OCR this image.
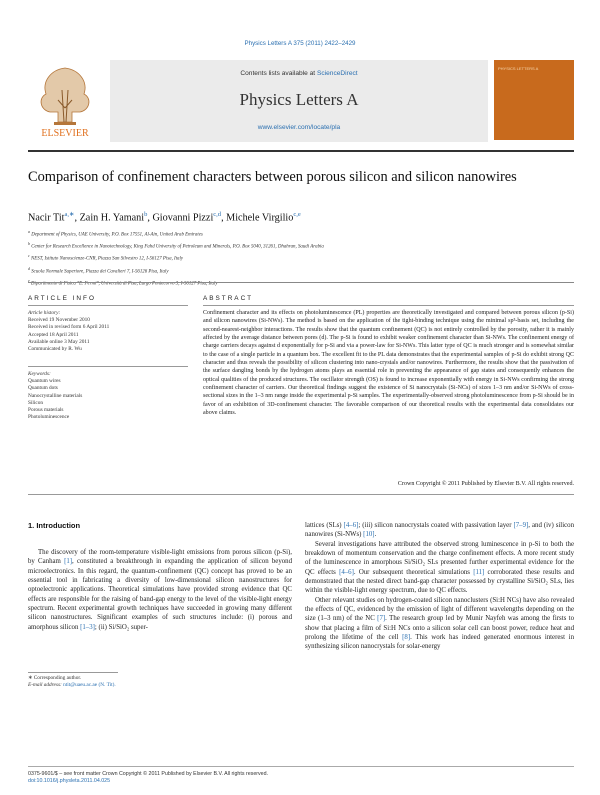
Physics Letters A 375 (2011) 2422–2429
ELSEVIER
Contents lists available at ScienceDirect
Physics Letters A
www.elsevier.com/locate/pla
PHYSICS LETTERS A
Comparison of confinement characters between porous silicon and silicon nanowires
Nacir Tit$^{a,∗}$, Zain H. Yamani$^b$, Giovanni Pizzi$^{c,d}$, Michele Virgilio$^{c,e}$
$^a$ Department of Physics, UAE University, P.O. Box 17551, Al-Ain, United Arab Emirates
$^b$ Center for Research Excellence in Nanotechnology, King Fahd University of Petroleum and Minerals, P.O. Box 5040, 31261, Dhahran, Saudi Arabia
$^c$ NEST, Istituto Nanoscienze-CNR, Piazza San Silvestro 12, I-56127 Pisa, Italy
$^d$ Scuola Normale Superiore, Piazza dei Cavalieri 7, I-56126 Pisa, Italy
$^e$ Dipartimento di Fisica "E. Fermi", Università di Pisa, Largo Pontecorvo 3, I-56127 Pisa, Italy
ARTICLE INFO
Article history:
Received 19 November 2010
Received in revised form 6 April 2011
Accepted 18 April 2011
Available online 3 May 2011
Communicated by R. Wu
Keywords:
Quantum wires
Quantum dots
Nanocrystalline materials
Silicon
Porous materials
Photoluminescence
ABSTRACT
Confinement character and its effects on photoluminescence (PL) properties are theoretically investigated and compared between porous silicon (p-Si) and silicon nanowires (Si-NWs). The method is based on the application of the tight-binding technique using the minimal sp³-basis set, including the second-nearest-neighbor interactions. The results show that the quantum confinement (QC) is not entirely controlled by the porosity, rather it is mainly affected by the average distance between pores (d). The p-Si is found to exhibit weaker confinement character than Si-NWs. The confinement energy of charge carriers decays against d exponentially for p-Si and via a power-law for Si-NWs. This latter type of QC is much stronger and is somewhat similar to the case of a single particle in a quantum box. The excellent fit to the PL data demonstrates that the experimental samples of p-Si do exhibit strong QC character and thus reveals the possibility of silicon clustering into nano-crystals and/or nanowires. Furthermore, the results show that the passivation of the surface dangling bonds by the hydrogen atoms plays an essential role in preventing the appearance of gap states and consequently enhances the optical qualities of the produced structures. The oscillator strength (OS) is found to increase exponentially with energy in Si-NWs confirming the strong confinement character of carriers. Our theoretical findings suggest the existence of Si nanocrystals (Si-NCs) of sizes 1–3 nm and/or Si-NWs of cross-sectional sizes in the 1–3 nm range inside the experimental p-Si samples. The experimentally-observed strong photoluminescence from p-Si should be in favor of an exhibition of 3D-confinement character. The favorable comparison of our theoretical results with the experimental data consolidates our above claims.
Crown Copyright © 2011 Published by Elsevier B.V. All rights reserved.
1. Introduction

The discovery of the room-temperature visible-light emissions from porous silicon (p-Si), by Canham [1], constituted a breakthrough in expanding the application of silicon beyond microelectronics. In this regard, the quantum-confinement (QC) concept has proved to be an essential tool in fabricating a diversity of low-dimensional silicon nanostructures for optoelectronic applications. Theoretical simulations have provided strong evidence that QC effects are responsible for the raising of band-gap energy to the level of the visible-light energy spectrum. Recent experimental growth techniques have succeeded in growing many different silicon nanostructures. Significant examples of such structures include: (i) porous and amorphous silicon [1–3]; (ii) Si/SiO₂ super-

lattices (SLs) [4–6]; (iii) silicon nanocrystals coated with passivation layer [7–9], and (iv) silicon nanowires (Si-NWs) [10].

Several investigations have attributed the observed strong luminescence in p-Si to both the breakdown of momentum conservation and the charge confinement effects. A more recent study of the luminescence in amorphous Si/SiO₂ SLs presented further experimental evidence for the QC effects [4–6]. Our subsequent theoretical simulations [11] corroborated these results and demonstrated that the nested direct band-gap character possessed by crystalline Si/SiO₂ SLs, lies within the visible-light energy spectrum, due to QC effects.

Other relevant studies on hydrogen-coated silicon nanoclusters (Si:H NCs) have also revealed the effects of QC, evidenced by the emission of light of different wavelengths depending on the size (1–3 nm) of the NC [7]. The research group led by Munir Nayfeh was among the firsts to show that placing a film of Si:H NCs onto a silicon solar cell can boost power, reduce heat and prolong the lifetime of the cell [8]. This work has indeed generated enormous interest in synthesizing silicon nanocrystals for solar-energy

∗ Corresponding author.
E-mail address: ntit@uaeu.ac.ae (N. Tit).
0375-9601/$ – see front matter Crown Copyright © 2011 Published by Elsevier B.V. All rights reserved.
doi:10.1016/j.physleta.2011.04.025
